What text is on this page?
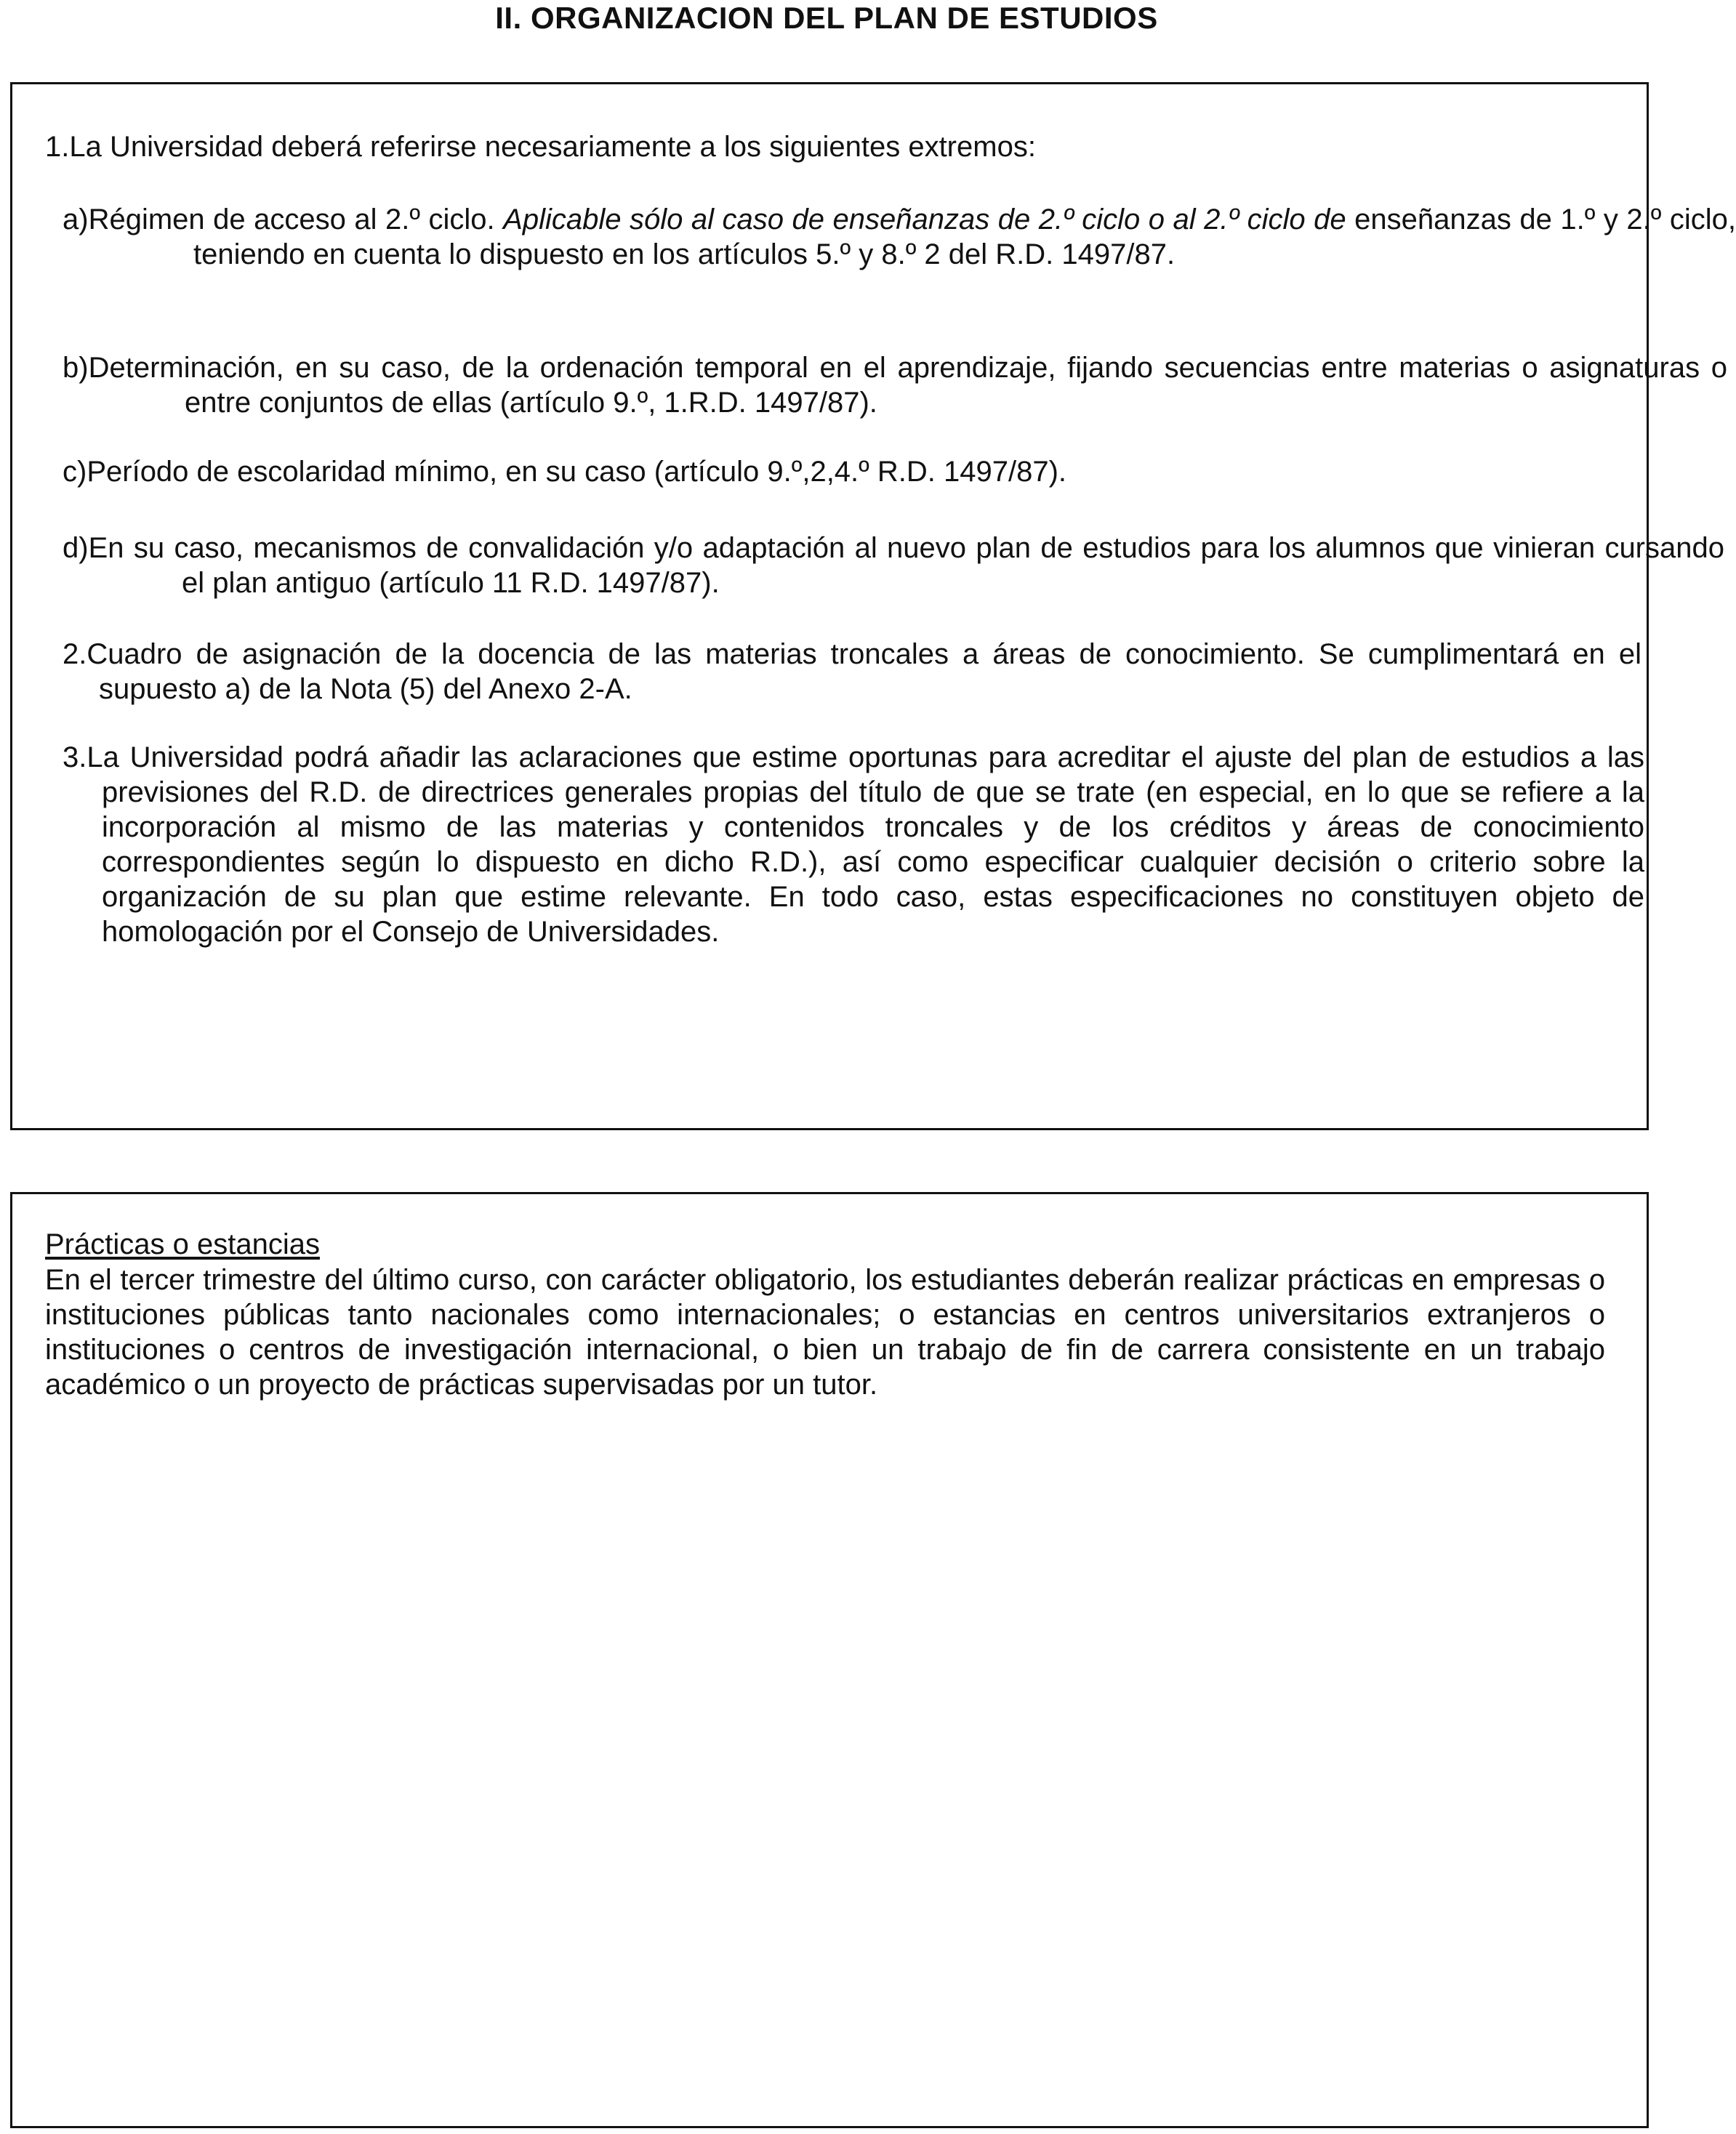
II. ORGANIZACION DEL PLAN DE ESTUDIOS

1.La Universidad deberá referirse necesariamente a los siguientes extremos:

a)Régimen de acceso al 2.º ciclo. Aplicable sólo al caso de enseñanzas de 2.º ciclo o al 2.º ciclo de enseñanzas de 1.º y 2.º ciclo, teniendo en cuenta lo dispuesto en los artículos 5.º y 8.º 2 del R.D. 1497/87.

b)Determinación, en su caso, de la ordenación temporal en el aprendizaje, fijando secuencias entre materias o asignaturas o entre conjuntos de ellas (artículo 9.º, 1.R.D. 1497/87).

c)Período de escolaridad mínimo, en su caso (artículo 9.º,2,4.º R.D. 1497/87).

d)En su caso, mecanismos de convalidación y/o adaptación al nuevo plan de estudios para los alumnos que vinieran cursando el plan antiguo (artículo 11 R.D. 1497/87).

2.Cuadro de asignación de la docencia de las materias troncales a áreas de conocimiento. Se cumplimentará en el supuesto a) de la Nota (5) del Anexo 2-A.

3.La Universidad podrá añadir las aclaraciones que estime oportunas para acreditar el ajuste del plan de estudios a las previsiones del R.D. de directrices generales propias del título de que se trate (en especial, en lo que se refiere a la incorporación al mismo de las materias y contenidos troncales y de los créditos y áreas de conocimiento correspondientes según lo dispuesto en dicho R.D.), así como especificar cualquier decisión o criterio sobre la organización de su plan que estime relevante. En todo caso, estas especificaciones no constituyen objeto de homologación por el Consejo de Universidades.

Prácticas o estancias

En el tercer trimestre del último curso, con carácter obligatorio, los estudiantes deberán realizar prácticas en empresas o instituciones públicas tanto nacionales como internacionales; o estancias en centros universitarios extranjeros o instituciones o centros de investigación internacional, o bien un trabajo de fin de carrera consistente en un trabajo académico o un proyecto de prácticas supervisadas por un tutor.
